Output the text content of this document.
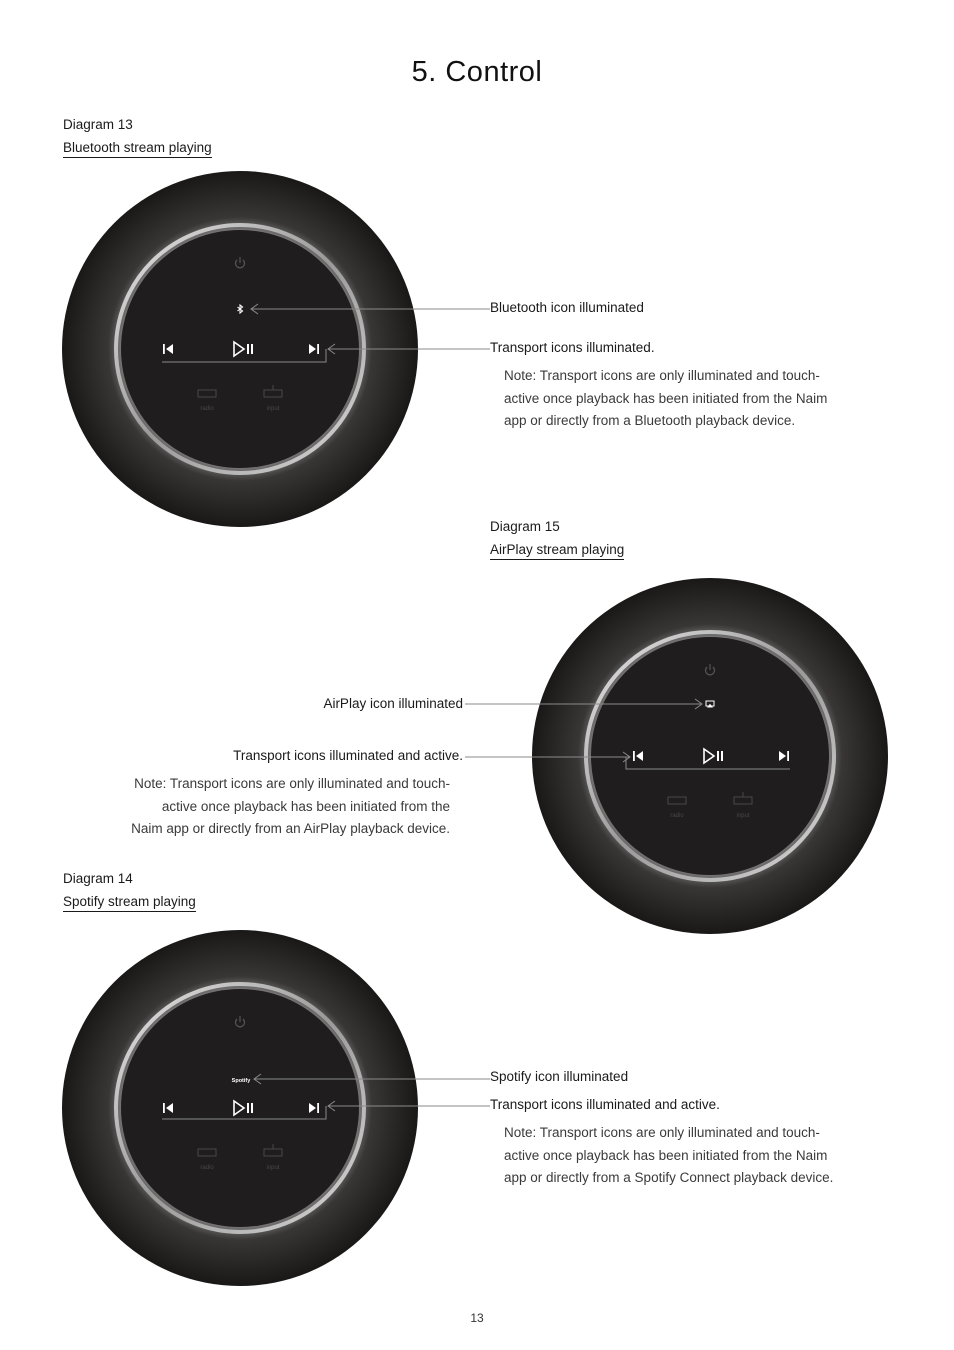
5. Control
Diagram 13
Bluetooth stream playing
radio	input
Bluetooth icon illuminated
Transport icons illuminated.
Note: Transport icons are only illuminated and touch-active once playback has been initiated from the Naim app or directly from a Bluetooth playback device.
Diagram 15
AirPlay stream playing
radio	input
AirPlay icon illuminated
Transport icons illuminated and active.
Note: Transport icons are only illuminated and touch-active once playback has been initiated from the Naim app or directly from an AirPlay playback device.
Diagram 14
Spotify stream playing
Spotify
radio	input
Spotify icon illuminated
Transport icons illuminated and active.
Note: Transport icons are only illuminated and touch-active once playback has been initiated from the Naim app or directly from a Spotify Connect playback device.
13
